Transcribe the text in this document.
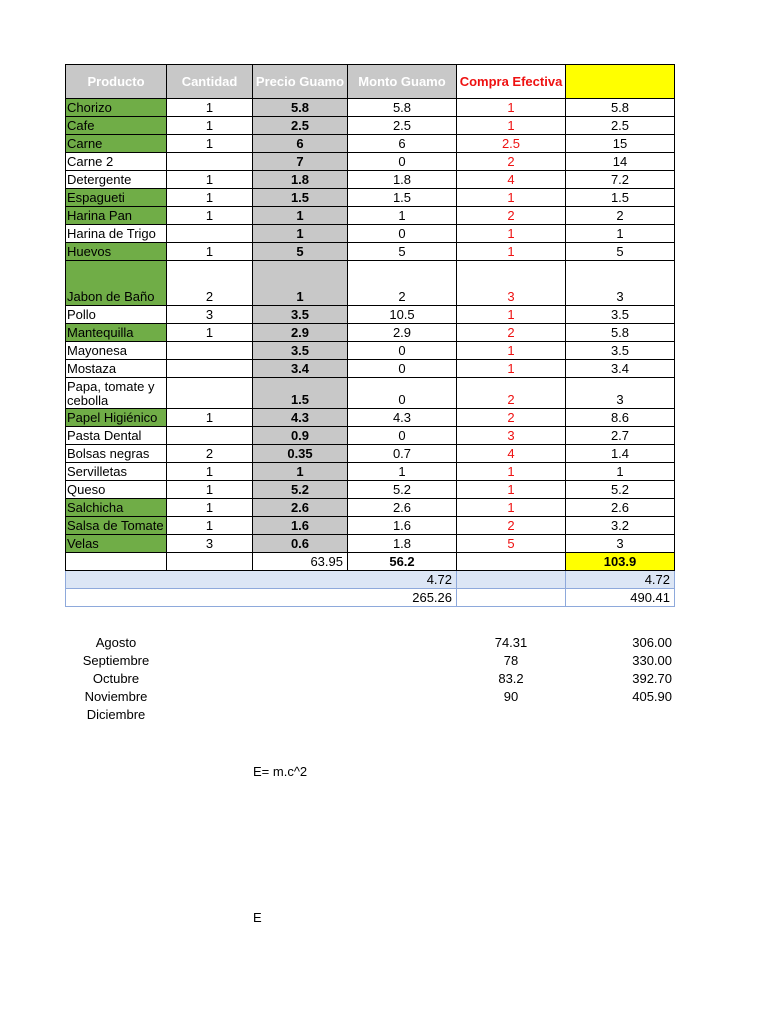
Producto	Cantidad	Precio Guamo	Monto Guamo	Compra Efectiva	
Chorizo	1	5.8	5.8	1	5.8
Cafe	1	2.5	2.5	1	2.5
Carne	1	6	6	2.5	15
Carne 2		7	0	2	14
Detergente	1	1.8	1.8	4	7.2
Espagueti	1	1.5	1.5	1	1.5
Harina Pan	1	1	1	2	2
Harina de Trigo		1	0	1	1
Huevos	1	5	5	1	5
Jabon de Baño	2	1	2	3	3
Pollo	3	3.5	10.5	1	3.5
Mantequilla	1	2.9	2.9	2	5.8
Mayonesa		3.5	0	1	3.5
Mostaza		3.4	0	1	3.4
Papa, tomate y cebolla		1.5	0	2	3
Papel Higiénico	1	4.3	4.3	2	8.6
Pasta Dental		0.9	0	3	2.7
Bolsas negras	2	0.35	0.7	4	1.4
Servilletas	1	1	1	1	1
Queso	1	5.2	5.2	1	5.2
Salchicha	1	2.6	2.6	1	2.6
Salsa de Tomate	1	1.6	1.6	2	3.2
Velas	3	0.6	1.8	5	3
		63.95	56.2		103.9
4.72					4.72
265.26					490.41
Agosto	74.31	306.00
Septiembre	78	330.00
Octubre	83.2	392.70
Noviembre	90	405.90
Diciembre
E= m.c^2
E
